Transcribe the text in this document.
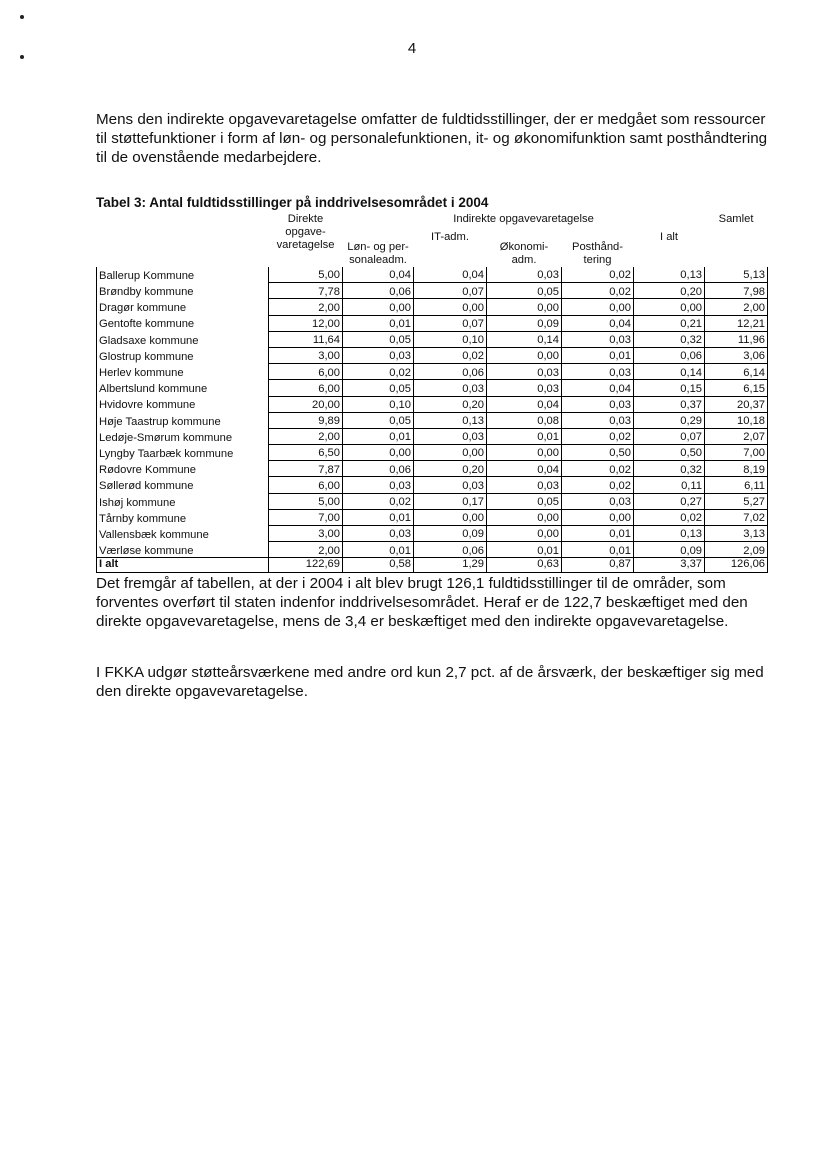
4

Mens den indirekte opgavevaretagelse omfatter de fuldtidsstillinger, der er medgået som ressourcer til støttefunktioner i form af løn- og personalefunktionen, it- og økonomifunktion samt posthåndtering til de ovenstående medarbejdere.

Tabel 3: Antal fuldtidsstillinger på inddrivelsesområdet i 2004

	Direkte opgave- varetagelse	Indirekte opgavevaretagelse					Samlet
		Løn- og per- sonaleadm.	IT-adm.	Økonomi- adm.	Posthånd- tering	I alt	
Ballerup Kommune	5,00	0,04	0,04	0,03	0,02	0,13	5,13
Brøndby kommune	7,78	0,06	0,07	0,05	0,02	0,20	7,98
Dragør kommune	2,00	0,00	0,00	0,00	0,00	0,00	2,00
Gentofte kommune	12,00	0,01	0,07	0,09	0,04	0,21	12,21
Gladsaxe kommune	11,64	0,05	0,10	0,14	0,03	0,32	11,96
Glostrup kommune	3,00	0,03	0,02	0,00	0,01	0,06	3,06
Herlev kommune	6,00	0,02	0,06	0,03	0,03	0,14	6,14
Albertslund kommune	6,00	0,05	0,03	0,03	0,04	0,15	6,15
Hvidovre kommune	20,00	0,10	0,20	0,04	0,03	0,37	20,37
Høje Taastrup kommune	9,89	0,05	0,13	0,08	0,03	0,29	10,18
Ledøje-Smørum kommune	2,00	0,01	0,03	0,01	0,02	0,07	2,07
Lyngby Taarbæk kommune	6,50	0,00	0,00	0,00	0,50	0,50	7,00
Rødovre Kommune	7,87	0,06	0,20	0,04	0,02	0,32	8,19
Søllerød kommune	6,00	0,03	0,03	0,03	0,02	0,11	6,11
Ishøj kommune	5,00	0,02	0,17	0,05	0,03	0,27	5,27
Tårnby kommune	7,00	0,01	0,00	0,00	0,00	0,02	7,02
Vallensbæk kommune	3,00	0,03	0,09	0,00	0,01	0,13	3,13
Værløse kommune	2,00	0,01	0,06	0,01	0,01	0,09	2,09
I alt	122,69	0,58	1,29	0,63	0,87	3,37	126,06

Det fremgår af tabellen, at der i 2004 i alt blev brugt 126,1 fuldtidsstillinger til de områder, som forventes overført til staten indenfor inddrivelsesområdet. Heraf er de 122,7 beskæftiget med den direkte opgavevaretagelse, mens de 3,4 er beskæftiget med den indirekte opgavevaretagelse.

I FKKA udgør støtteårsværkene med andre ord kun 2,7 pct. af de årsværk, der beskæftiger sig med den direkte opgavevaretagelse.
